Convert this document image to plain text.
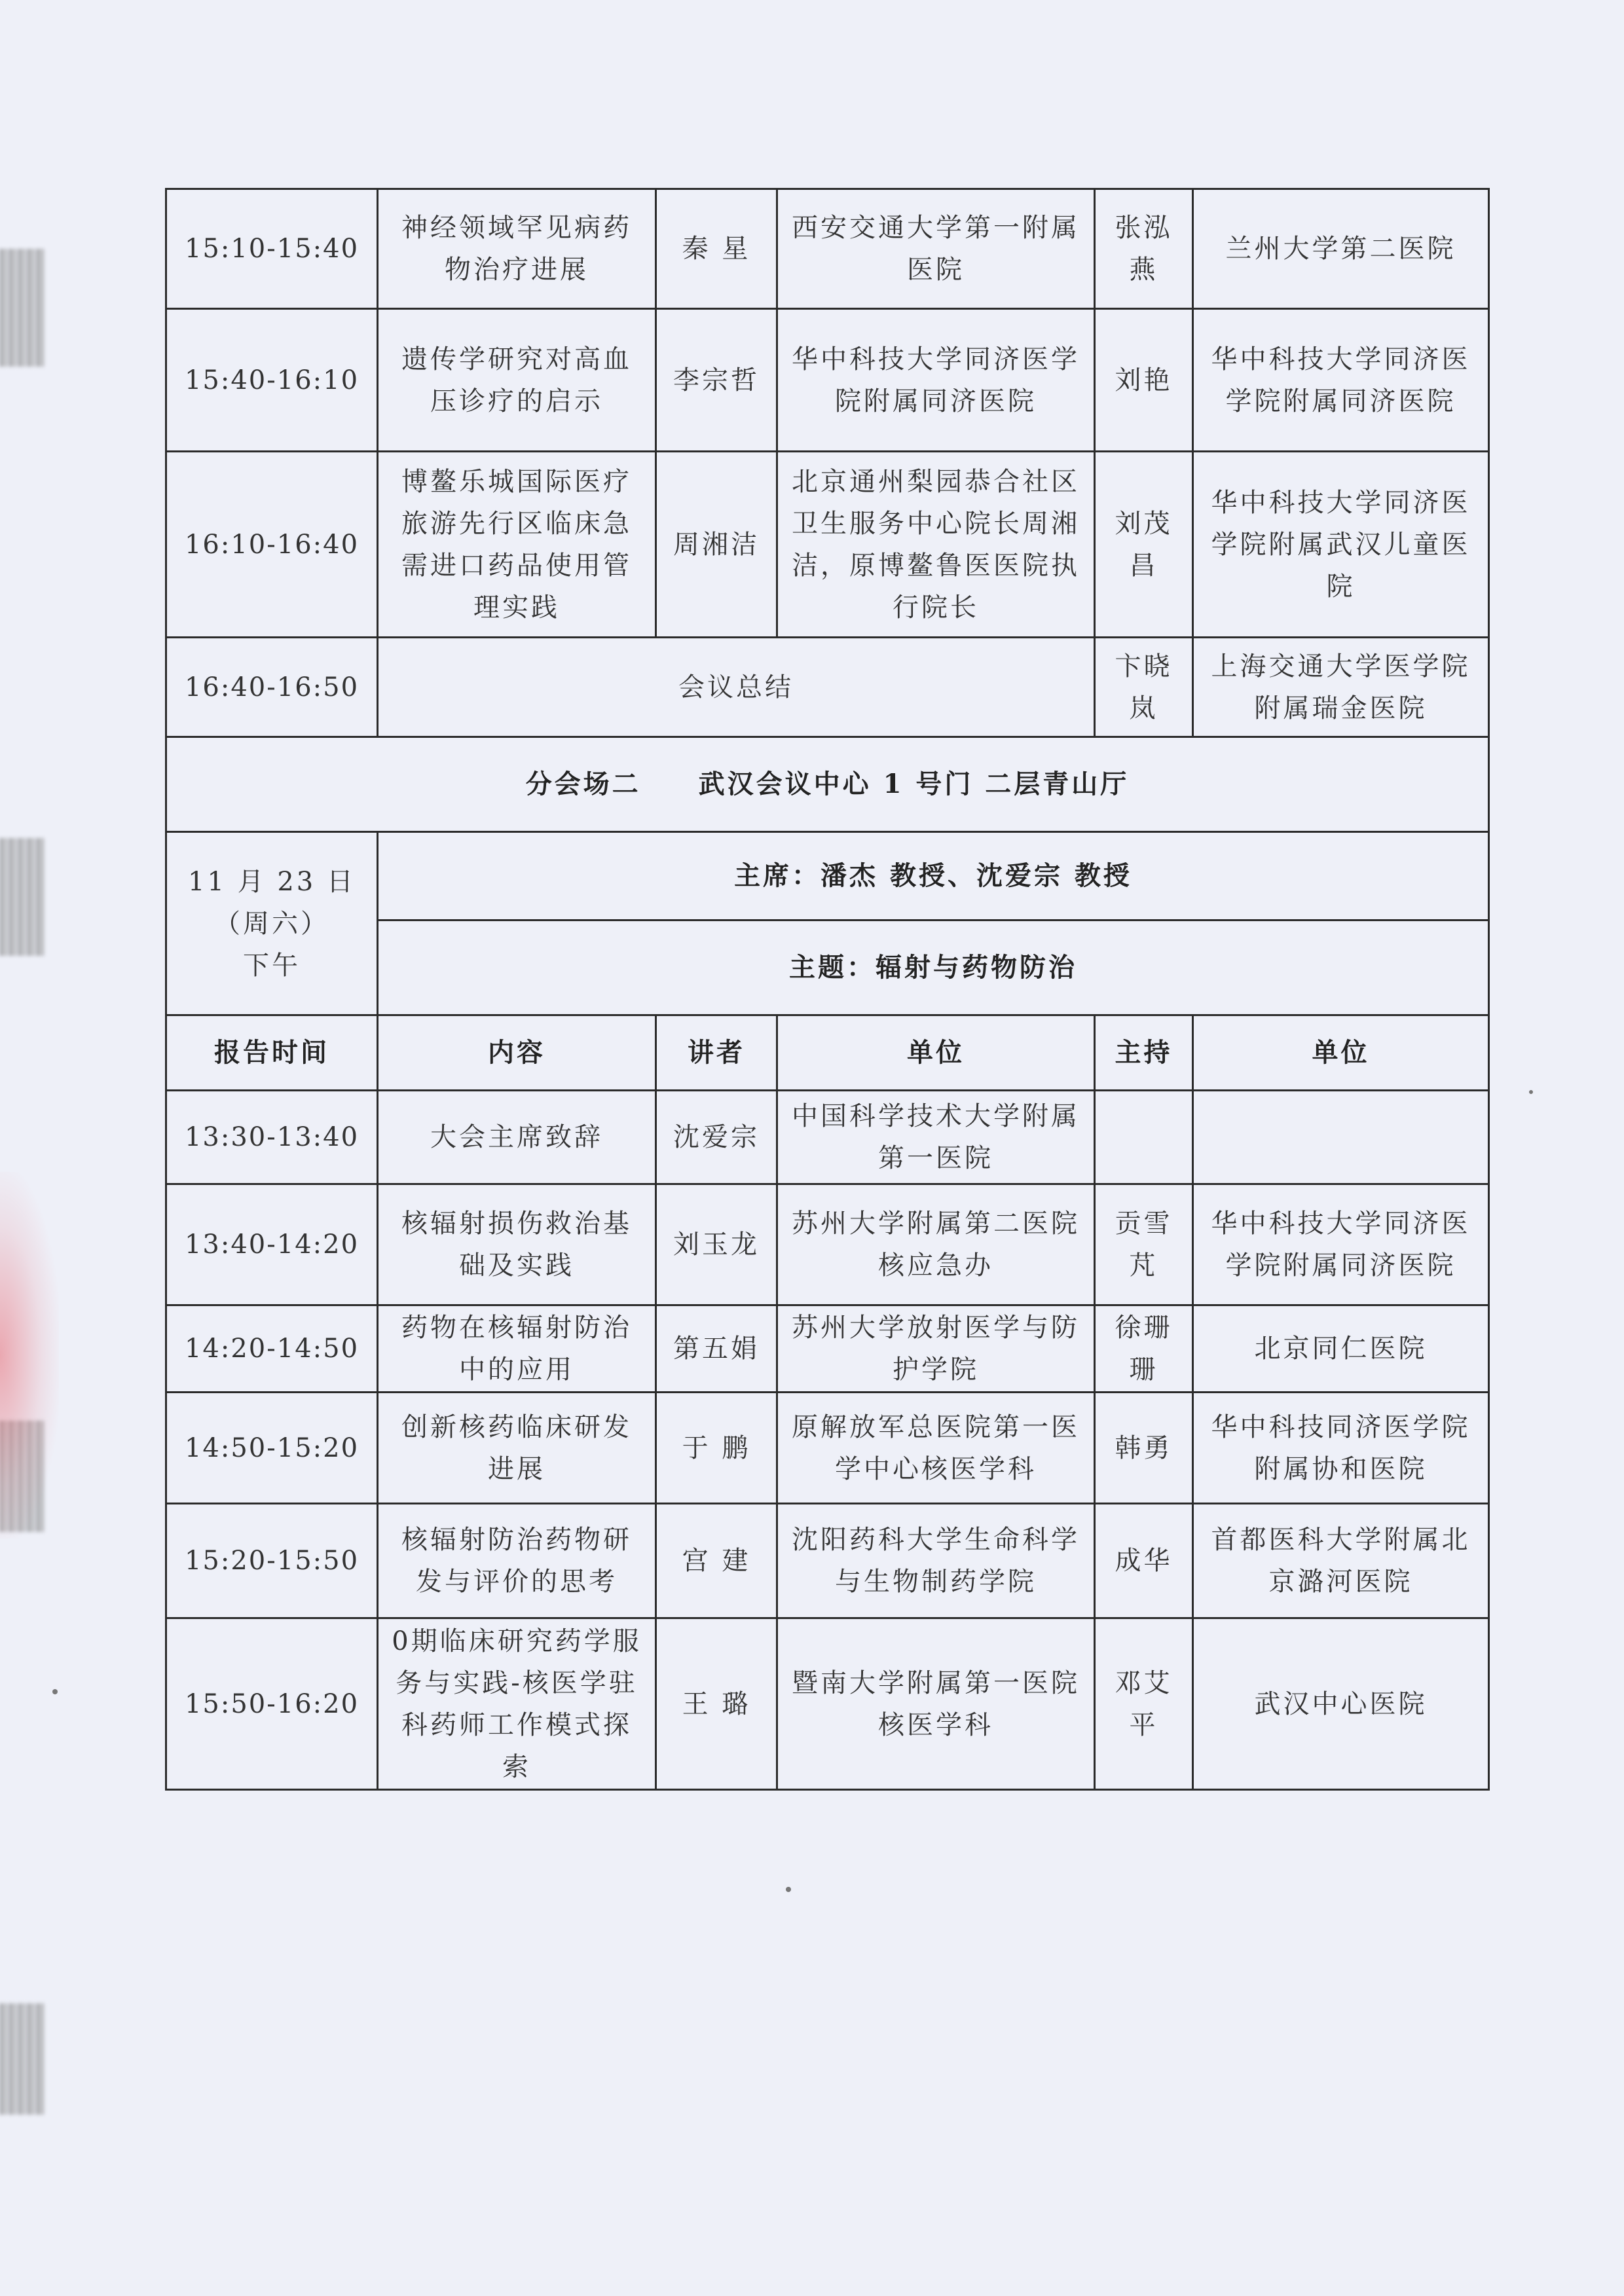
15:10-15:40	神经领域罕见病药物治疗进展	秦 星	西安交通大学第一附属医院	张泓燕	兰州大学第二医院
15:40-16:10	遗传学研究对高血压诊疗的启示	李宗哲	华中科技大学同济医学院附属同济医院	刘艳	华中科技大学同济医学院附属同济医院
16:10-16:40	博鳌乐城国际医疗旅游先行区临床急需进口药品使用管理实践	周湘洁	北京通州梨园恭合社区卫生服务中心院长周湘洁，原博鳌鲁医医院执行院长	刘茂昌	华中科技大学同济医学院附属武汉儿童医院
16:40-16:50	会议总结			卞晓岚	上海交通大学医学院附属瑞金医院
分会场二　　武汉会议中心 1 号门 二层青山厅					

11 月 23 日
（周六）
下午	主席：潘杰 教授、沈爱宗 教授				
	主题：辐射与药物防治				
报告时间	内容	讲者	单位	主持	单位
13:30-13:40	大会主席致辞	沈爱宗	中国科学技术大学附属第一医院		
13:40-14:20	核辐射损伤救治基础及实践	刘玉龙	苏州大学附属第二医院核应急办	贡雪芃	华中科技大学同济医学院附属同济医院
14:20-14:50	药物在核辐射防治中的应用	第五娟	苏州大学放射医学与防护学院	徐珊珊	北京同仁医院
14:50-15:20	创新核药临床研发进展	于 鹏	原解放军总医院第一医学中心核医学科	韩勇	华中科技同济医学院附属协和医院
15:20-15:50	核辐射防治药物研发与评价的思考	宫 建	沈阳药科大学生命科学与生物制药学院	成华	首都医科大学附属北京潞河医院
15:50-16:20	0期临床研究药学服务与实践-核医学驻科药师工作模式探索	王 璐	暨南大学附属第一医院核医学科	邓艾平	武汉中心医院
